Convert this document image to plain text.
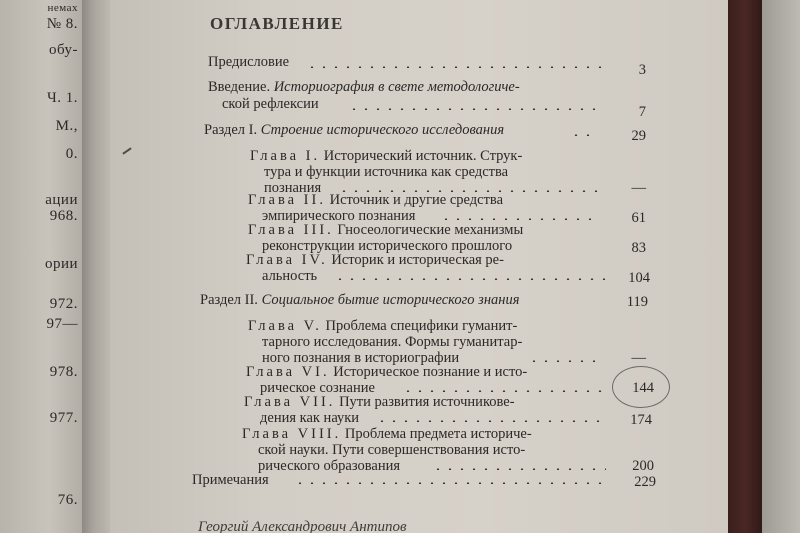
немах
№ 8.
обу-
Ч. 1.
М.,
0.
ации
968.
ории
972.
97—
978.
977.
76.
ОГЛАВЛЕНИЕ
Предисловие	3
Введение. Историография в свете методологиче-
ской рефлексии	7
Раздел I. Строение исторического исследования	29
Глава I. Исторический источник. Струк-
тура и функции источника как средства
познания	—
Глава II. Источник и другие средства
эмпирического познания	61
Глава III. Гносеологические механизмы
реконструкции исторического прошлого	83
Глава IV. Историк и историческая ре-
альность	104
Раздел II. Социальное бытие исторического знания	119
Глава V. Проблема специфики гуманит-
тарного исследования. Формы гуманитар-
ного познания в историографии	—
Глава VI. Историческое познание и исто-
рическое сознание	144
Глава VII. Пути развития источникове-
дения как науки	174
Глава VIII. Проблема предмета историче-
ской науки. Пути совершенствования исто-
рического образования	200
Примечания	229
Георгий Александрович Антипов
